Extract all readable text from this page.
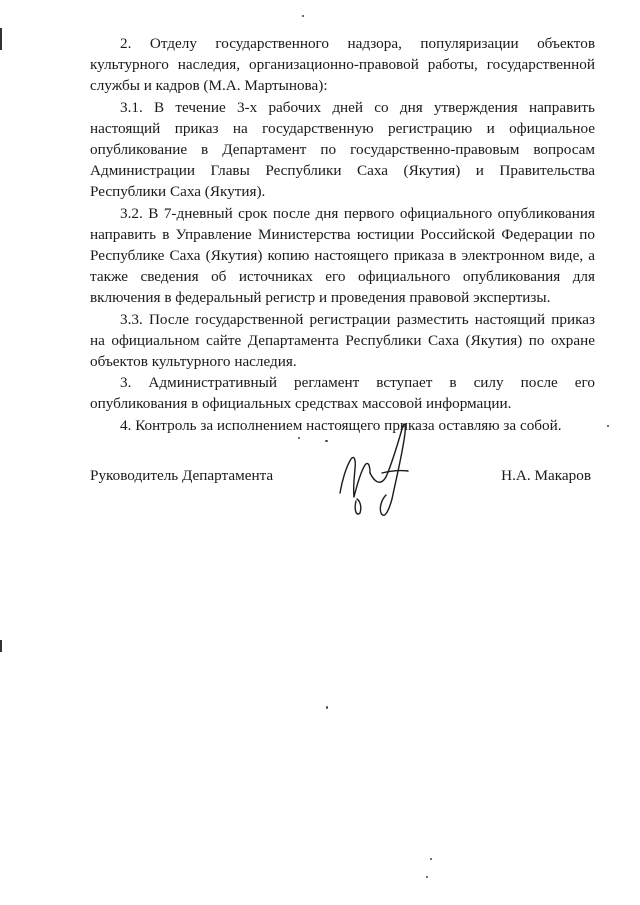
2. Отделу государственного надзора, популяризации объектов культурного наследия, организационно-правовой работы, государственной службы и кадров (М.А. Мартынова):

3.1. В течение 3-х рабочих дней со дня утверждения направить настоящий приказ на государственную регистрацию и официальное опубликование в Департамент по государственно-правовым вопросам Администрации Главы Республики Саха (Якутия) и Правительства Республики Саха (Якутия).

3.2. В 7-дневный срок после дня первого официального опубликования направить в Управление Министерства юстиции Российской Федерации по Республике Саха (Якутия) копию настоящего приказа в электронном виде, а также сведения об источниках его официального опубликования для включения в федеральный регистр и проведения правовой экспертизы.

3.3. После государственной регистрации разместить настоящий приказ на официальном сайте Департамента Республики Саха (Якутия) по охране объектов культурного наследия.

3. Административный регламент вступает в силу после его опубликования в официальных средствах массовой информации.

4. Контроль за исполнением настоящего приказа оставляю за собой.

Руководитель Департамента	Н.А. Макаров
